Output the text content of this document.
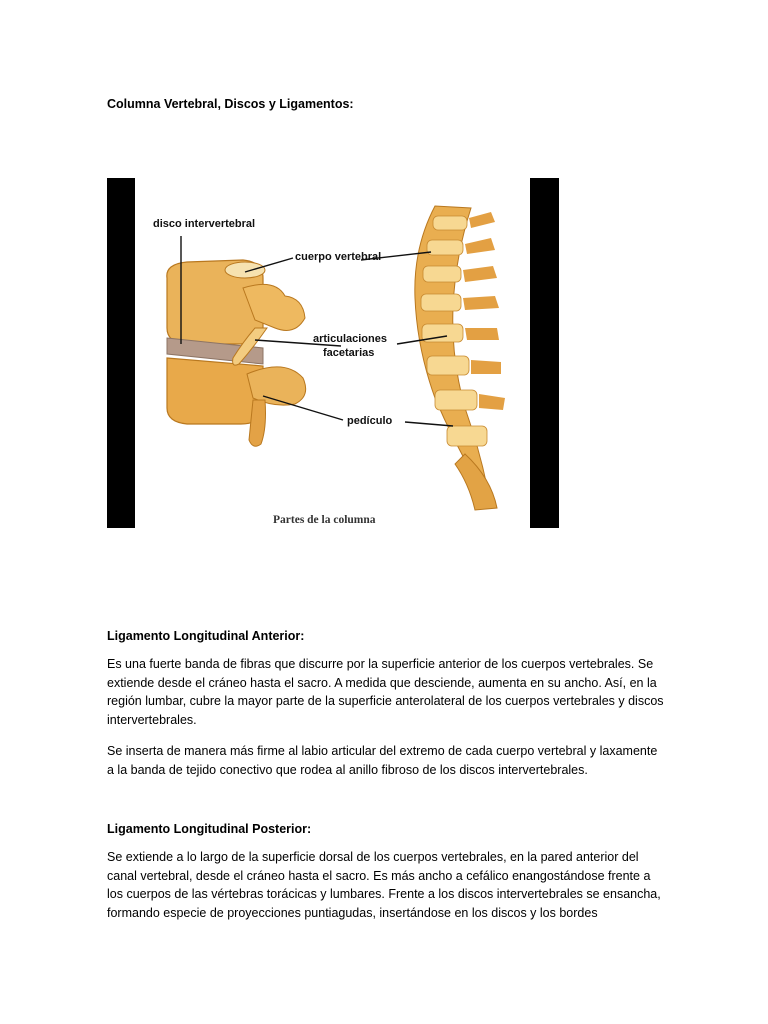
Columna Vertebral, Discos y Ligamentos:
disco intervertebral
cuerpo vertebral
articulaciones
facetarias
pedículo
Partes de la columna
Ligamento Longitudinal Anterior:

Es una fuerte banda de fibras que discurre por la superficie anterior de los cuerpos vertebrales. Se extiende desde el cráneo hasta el sacro. A medida que desciende, aumenta en su ancho. Así, en la región lumbar, cubre la mayor parte de la superficie anterolateral de los cuerpos vertebrales y discos intervertebrales.

Se inserta de manera más firme al labio articular del extremo de cada cuerpo vertebral y laxamente a la banda de tejido conectivo que rodea al anillo fibroso de los discos intervertebrales.

Ligamento Longitudinal Posterior:

Se extiende a lo largo de la superficie dorsal de los cuerpos vertebrales, en la pared anterior del canal vertebral, desde el cráneo hasta el sacro. Es más ancho a cefálico enangostándose frente a los cuerpos de las vértebras torácicas y lumbares. Frente a los discos intervertebrales se ensancha, formando especie de proyecciones puntiagudas, insertándose en los discos y los bordes
